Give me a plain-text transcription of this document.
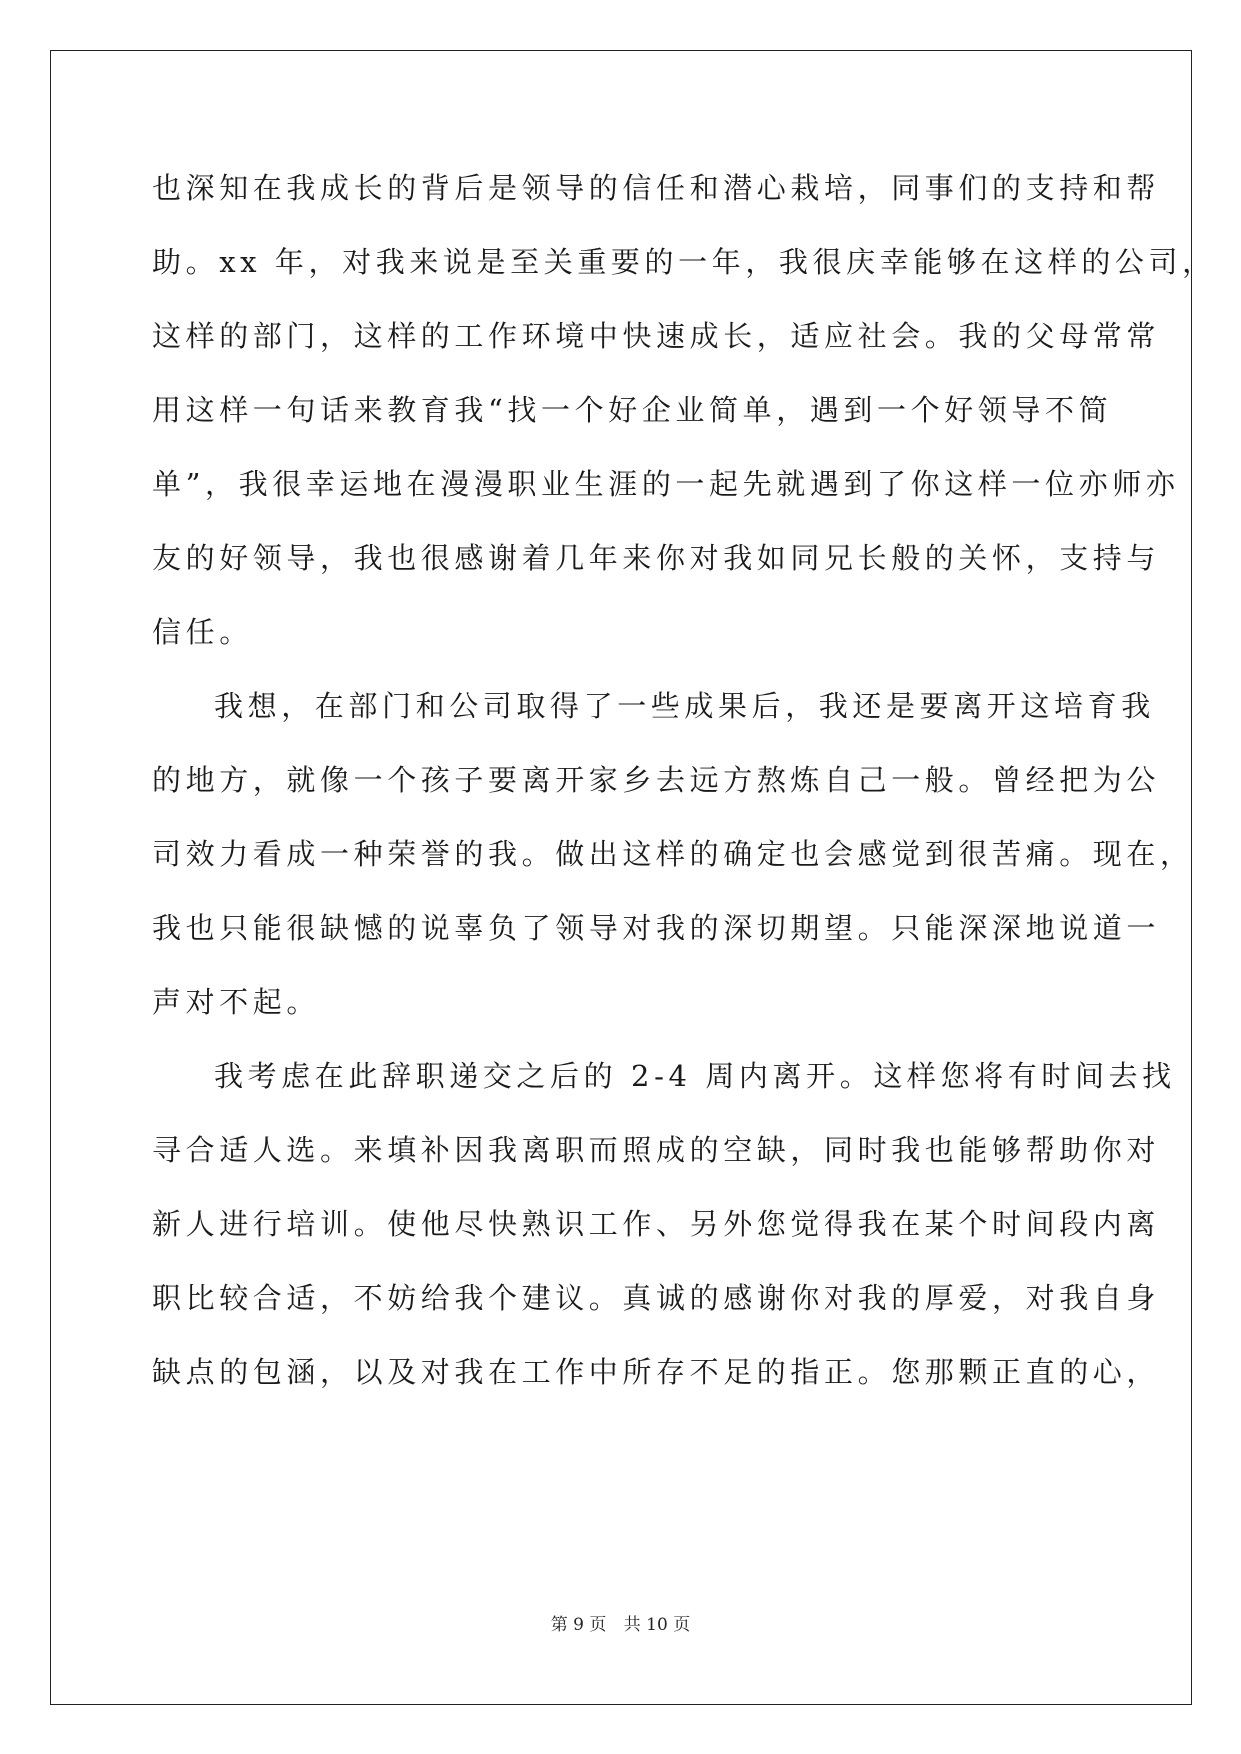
也深知在我成长的背后是领导的信任和潜心栽培，同事们的支持和帮
助。xx 年，对我来说是至关重要的一年，我很庆幸能够在这样的公司，
这样的部门，这样的工作环境中快速成长，适应社会。我的父母常常
用这样一句话来教育我“找一个好企业简单，遇到一个好领导不简
单”，我很幸运地在漫漫职业生涯的一起先就遇到了你这样一位亦师亦
友的好领导，我也很感谢着几年来你对我如同兄长般的关怀，支持与
信任。
我想，在部门和公司取得了一些成果后，我还是要离开这培育我
的地方，就像一个孩子要离开家乡去远方熬炼自己一般。曾经把为公
司效力看成一种荣誉的我。做出这样的确定也会感觉到很苦痛。现在，
我也只能很缺憾的说辜负了领导对我的深切期望。只能深深地说道一
声对不起。
我考虑在此辞职递交之后的 2-4 周内离开。这样您将有时间去找
寻合适人选。来填补因我离职而照成的空缺，同时我也能够帮助你对
新人进行培训。使他尽快熟识工作、另外您觉得我在某个时间段内离
职比较合适，不妨给我个建议。真诚的感谢你对我的厚爱，对我自身
缺点的包涵，以及对我在工作中所存不足的指正。您那颗正直的心，
第 9 页 共 10 页
